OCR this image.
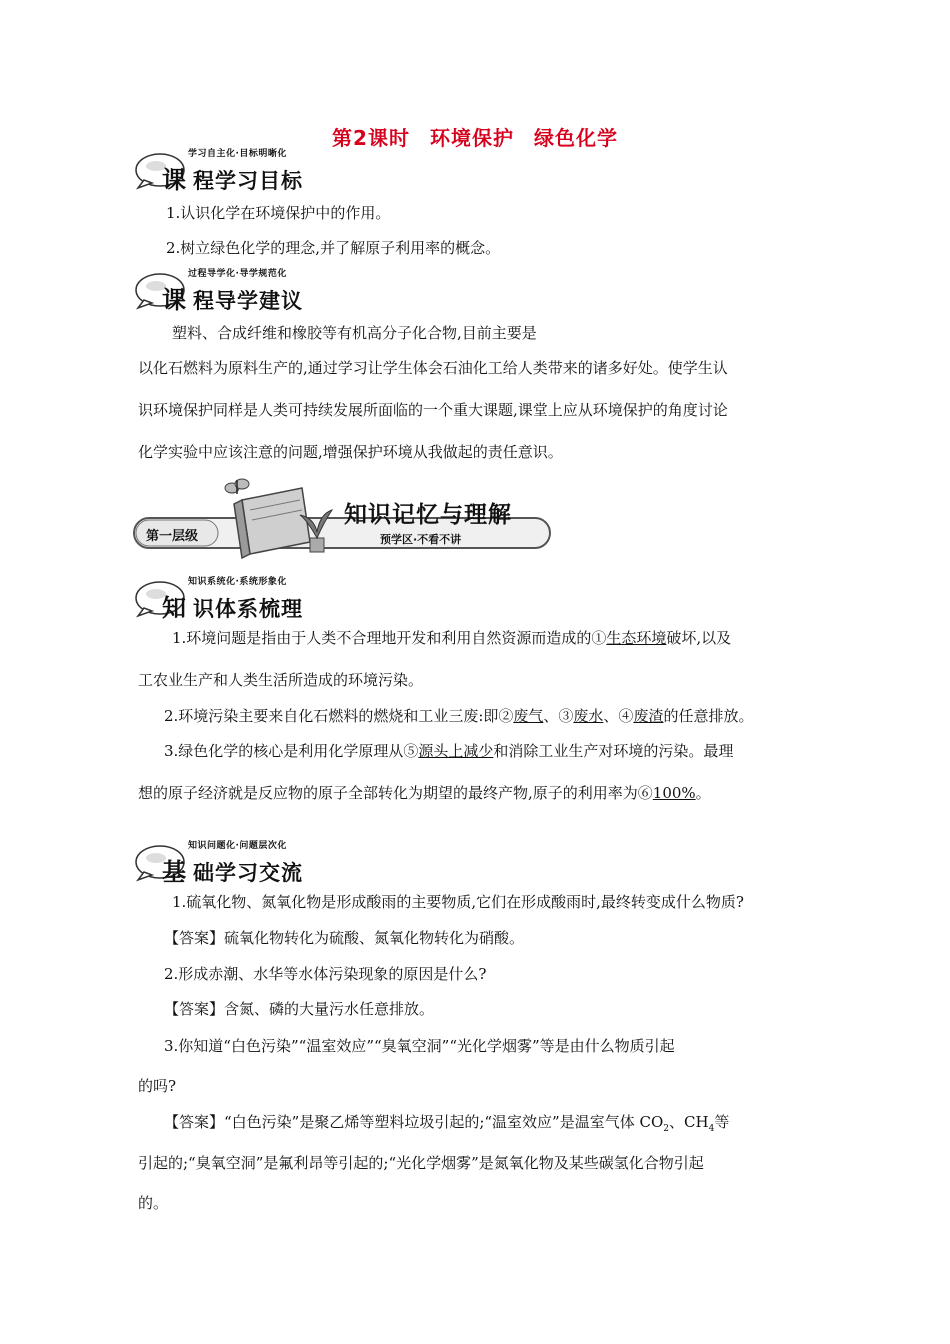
第2课时 环境保护 绿色化学
学习自主化·目标明晰化
课 程学习目标
1.认识化学在环境保护中的作用。
2.树立绿色化学的理念,并了解原子利用率的概念。
过程导学化·导学规范化
课 程导学建议
塑料、合成纤维和橡胶等有机高分子化合物,目前主要是
以化石燃料为原料生产的,通过学习让学生体会石油化工给人类带来的诸多好处。使学生认
识环境保护同样是人类可持续发展所面临的一个重大课题,课堂上应从环境保护的角度讨论
化学实验中应该注意的问题,增强保护环境从我做起的责任意识。
第一层级
知识记忆与理解
预学区·不看不讲
知识系统化·系统形象化
知 识体系梳理
1.环境问题是指由于人类不合理地开发和利用自然资源而造成的①生态环境破坏,以及
工农业生产和人类生活所造成的环境污染。
2.环境污染主要来自化石燃料的燃烧和工业三废:即②废气、③废水、④废渣的任意排放。
3.绿色化学的核心是利用化学原理从⑤源头上减少和消除工业生产对环境的污染。最理
想的原子经济就是反应物的原子全部转化为期望的最终产物,原子的利用率为⑥100%。
知识问题化·问题层次化
基 础学习交流
1.硫氧化物、氮氧化物是形成酸雨的主要物质,它们在形成酸雨时,最终转变成什么物质?
【答案】硫氧化物转化为硫酸、氮氧化物转化为硝酸。
2.形成赤潮、水华等水体污染现象的原因是什么?
【答案】含氮、磷的大量污水任意排放。
3.你知道“白色污染”“温室效应”“臭氧空洞”“光化学烟雾”等是由什么物质引起
的吗?
【答案】“白色污染”是聚乙烯等塑料垃圾引起的;“温室效应”是温室气体 $CO_2$、$CH_4$等
引起的;“臭氧空洞”是氟利昂等引起的;“光化学烟雾”是氮氧化物及某些碳氢化合物引起
的。
